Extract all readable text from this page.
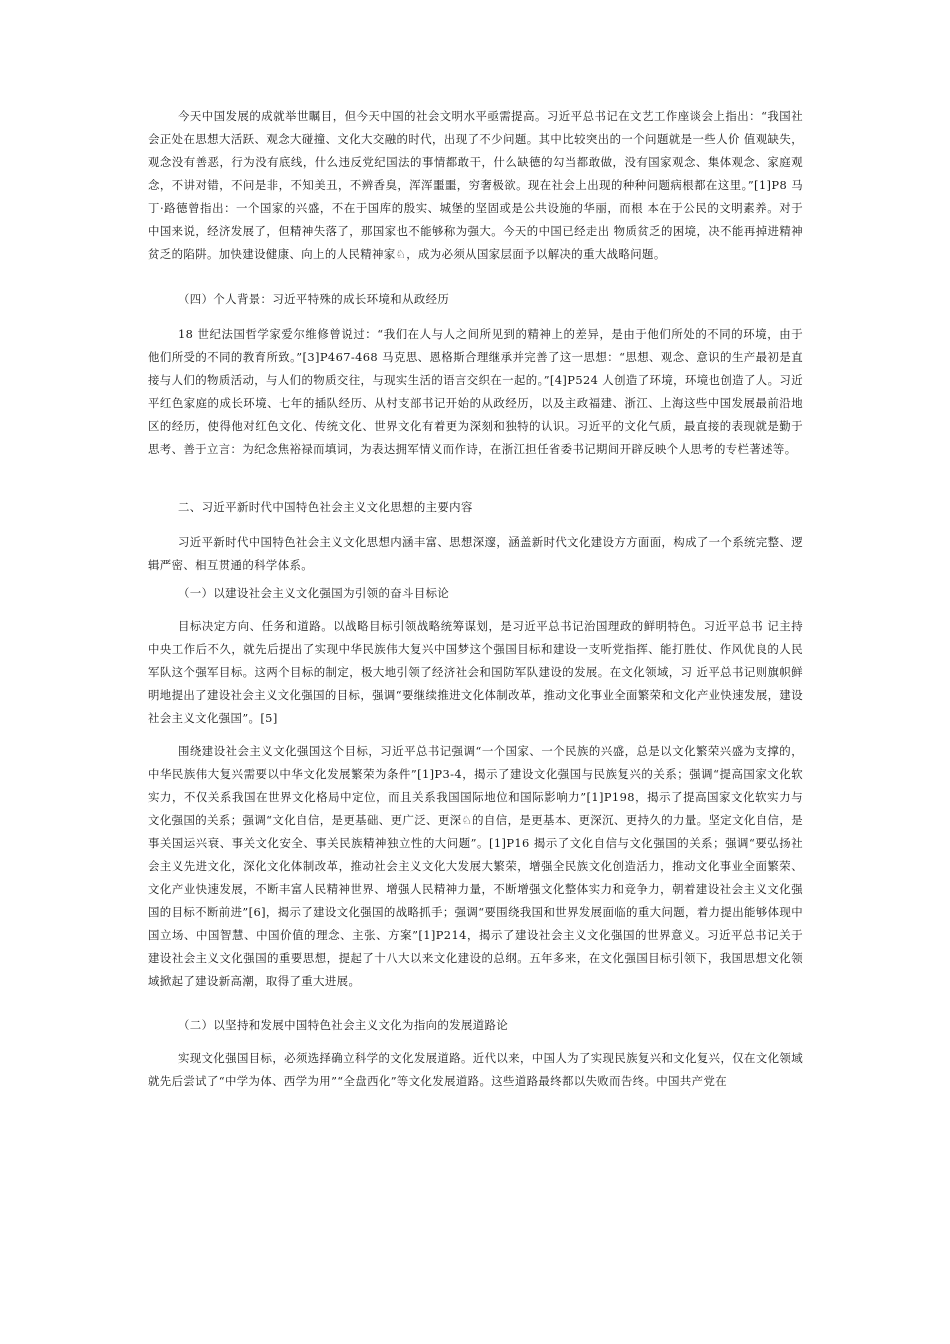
今天中国发展的成就举世瞩目，但今天中国的社会文明水平亟需提高。习近平总书记在文艺工作座谈会上指出：“我国社会正处在思想大活跃、观念大碰撞、文化大交融的时代，出现了不少问题。其中比较突出的一个问题就是一些人价 值观缺失，观念没有善恶，行为没有底线，什么违反党纪国法的事情都敢干，什么缺德的勾当都敢做，没有国家观念、集体观念、家庭观念，不讲对错，不问是非，不知美丑，不辨香臭，浑浑噩噩，穷奢极欲。现在社会上出现的种种问题病根都在这里。”[1]P8 马丁·路德曾指出：一个国家的兴盛，不在于国库的殷实、城堡的坚固或是公共设施的华丽，而根 本在于公民的文明素养。对于中国来说，经济发展了，但精神失落了，那国家也不能够称为强大。今天的中国已经走出 物质贫乏的困境，决不能再掉进精神贫乏的陷阱。加快建设健康、向上的人民精神家♘，成为必须从国家层面予以解决的重大战略问题。

（四）个人背景：习近平特殊的成长环境和从政经历

18 世纪法国哲学家爱尔维修曾说过：“我们在人与人之间所见到的精神上的差异，是由于他们所处的不同的环境，由于他们所受的不同的教育所致。”[3]P467-468 马克思、恩格斯合理继承并完善了这一思想：“思想、观念、意识的生产最初是直接与人们的物质活动，与人们的物质交往，与现实生活的语言交织在一起的。”[4]P524 人创造了环境，环境也创造了人。习近平红色家庭的成长环境、七年的插队经历、从村支部书记开始的从政经历，以及主政福建、浙江、上海这些中国发展最前沿地区的经历，使得他对红色文化、传统文化、世界文化有着更为深刻和独特的认识。习近平的文化气质，最直接的表现就是勤于思考、善于立言：为纪念焦裕禄而填词，为表达拥军情义而作诗，在浙江担任省委书记期间开辟反映个人思考的专栏著述等。

二、习近平新时代中国特色社会主义文化思想的主要内容

习近平新时代中国特色社会主义文化思想内涵丰富、思想深邃，涵盖新时代文化建设方方面面，构成了一个系统完整、逻辑严密、相互贯通的科学体系。

（一）以建设社会主义文化强国为引领的奋斗目标论

目标决定方向、任务和道路。以战略目标引领战略统筹谋划，是习近平总书记治国理政的鲜明特色。习近平总书 记主持中央工作后不久，就先后提出了实现中华民族伟大复兴中国梦这个强国目标和建设一支听党指挥、能打胜仗、作风优良的人民军队这个强军目标。这两个目标的制定，极大地引领了经济社会和国防军队建设的发展。在文化领域，习 近平总书记则旗帜鲜明地提出了建设社会主义文化强国的目标，强调“要继续推进文化体制改革，推动文化事业全面繁荣和文化产业快速发展，建设社会主义文化强国”。[5]

围绕建设社会主义文化强国这个目标，习近平总书记强调“一个国家、一个民族的兴盛，总是以文化繁荣兴盛为支撑的，中华民族伟大复兴需要以中华文化发展繁荣为条件”[1]P3-4，揭示了建设文化强国与民族复兴的关系；强调“提高国家文化软实力，不仅关系我国在世界文化格局中定位，而且关系我国国际地位和国际影响力”[1]P198，揭示了提高国家文化软实力与文化强国的关系；强调“文化自信，是更基础、更广泛、更深♘的自信，是更基本、更深沉、更持久的力量。坚定文化自信，是事关国运兴衰、事关文化安全、事关民族精神独立性的大问题”。[1]P16 揭示了文化自信与文化强国的关系；强调“要弘扬社会主义先进文化，深化文化体制改革，推动社会主义文化大发展大繁荣，增强全民族文化创造活力，推动文化事业全面繁荣、文化产业快速发展，不断丰富人民精神世界、增强人民精神力量，不断增强文化整体实力和竞争力，朝着建设社会主义文化强国的目标不断前进”[6]，揭示了建设文化强国的战略抓手；强调“要围绕我国和世界发展面临的重大问题，着力提出能够体现中国立场、中国智慧、中国价值的理念、主张、方案”[1]P214，揭示了建设社会主义文化强国的世界意义。习近平总书记关于建设社会主义文化强国的重要思想，提起了十八大以来文化建设的总纲。五年多来，在文化强国目标引领下，我国思想文化领域掀起了建设新高潮，取得了重大进展。

（二）以坚持和发展中国特色社会主义文化为指向的发展道路论

实现文化强国目标，必须选择确立科学的文化发展道路。近代以来，中国人为了实现民族复兴和文化复兴，仅在文化领域就先后尝试了“中学为体、西学为用”“全盘西化”等文化发展道路。这些道路最终都以失败而告终。中国共产党在
